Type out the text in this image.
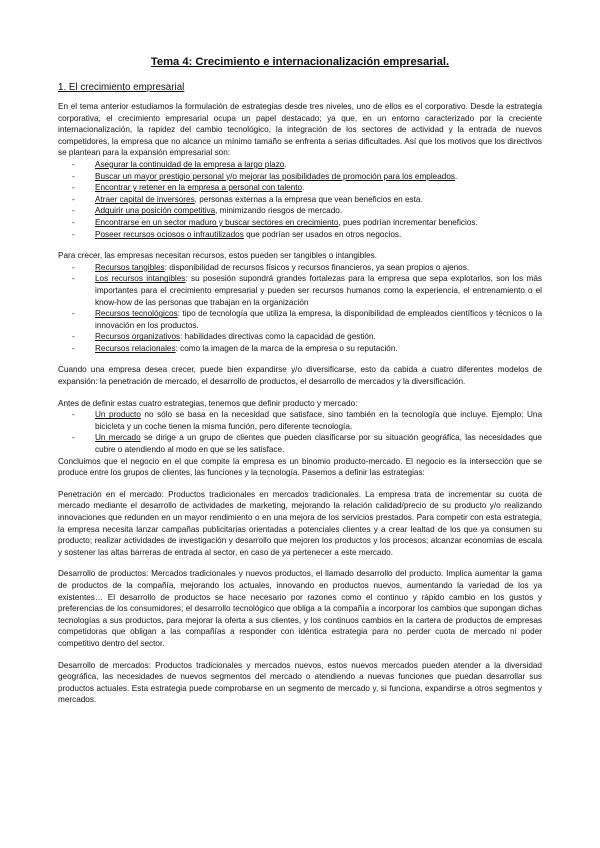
Tema 4: Crecimiento e internacionalización empresarial.
1. El crecimiento empresarial

En el tema anterior estudiamos la formulación de estrategias desde tres niveles, uno de ellos es el corporativo. Desde la estrategia corporativa, el crecimiento empresarial ocupa un papel destacado; ya que, en un entorno caracterizado por la creciente internacionalización, la rapidez del cambio tecnológico, la integración de los sectores de actividad y la entrada de nuevos competidores, la empresa que no alcance un mínimo tamaño se enfrenta a serias dificultades. Así que los motivos que los directivos se plantean para la expansión empresarial son:

- Asegurar la continuidad de la empresa a largo plazo.
- Buscar un mayor prestigio personal y/o mejorar las posibilidades de promoción para los empleados.
- Encontrar y retener en la empresa a personal con talento.
- Atraer capital de inversores, personas externas a la empresa que vean beneficios en esta.
- Adquirir una posición competitiva, minimizando riesgos de mercado.
- Encontrarse en un sector maduro y buscar sectores en crecimiento, pues podrían incrementar beneficios.
- Poseer recursos ociosos o infrautilizados que podrían ser usados en otros negocios.

Para crecer, las empresas necesitan recursos, estos pueden ser tangibles o intangibles.

- Recursos tangibles: disponibilidad de recursos físicos y recursos financieros, ya sean propios o ajenos.
- Los recursos intangibles: su posesión supondrá grandes fortalezas para la empresa que sepa explotarlos, son los más importantes para el crecimiento empresarial y pueden ser recursos humanos como la experiencia, el entrenamiento o el know-how de las personas que trabajan en la organización
- Recursos tecnológicos: tipo de tecnología que utiliza la empresa, la disponibilidad de empleados científicos y técnicos o la innovación en los productos.
- Recursos organizativos: habilidades directivas como la capacidad de gestión.
- Recursos relacionales: como la imagen de la marca de la empresa o su reputación.

Cuando una empresa desea crecer, puede bien expandirse y/o diversificarse, esto da cabida a cuatro diferentes modelos de expansión: la penetración de mercado, el desarrollo de productos, el desarrollo de mercados y la diversificación.

Antes de definir estas cuatro estrategias, tenemos que definir producto y mercado:

- Un producto no sólo se basa en la necesidad que satisface, sino también en la tecnología que incluye. Ejemplo: Una bicicleta y un coche tienen la misma función, pero diferente tecnología.
- Un mercado se dirige a un grupo de clientes que pueden clasificarse por su situación geográfica, las necesidades que cubre o atendiendo al modo en que se les satisface.

Concluimos que el negocio en el que compite la empresa es un binomio producto-mercado. El negocio es la intersección que se produce entre los grupos de clientes, las funciones y la tecnología. Pasemos a definir las estrategias:

Penetración en el mercado: Productos tradicionales en mercados tradicionales. La empresa trata de incrementar su cuota de mercado mediante el desarrollo de actividades de marketing, mejorando la relación calidad/precio de su producto y/o realizando innovaciones que redunden en un mayor rendimiento o en una mejora de los servicios prestados. Para competir con esta estrategia, la empresa necesita lanzar campañas publicitarias orientadas a potenciales clientes y a crear lealtad de los que ya consumen su producto; realizar actividades de investigación y desarrollo que mejoren los productos y los procesos; alcanzar economías de escala y sostener las altas barreras de entrada al sector, en caso de ya pertenecer a este mercado.

Desarrollo de productos: Mercados tradicionales y nuevos productos, el llamado desarrollo del producto. Implica aumentar la gama de productos de la compañía, mejorando los actuales, innovando en productos nuevos, aumentando la variedad de los ya existentes… El desarrollo de productos se hace necesario por razones como el continuo y rápido cambio en los gustos y preferencias de los consumidores; el desarrollo tecnológico que obliga a la compañía a incorporar los cambios que supongan dichas tecnologías a sus productos, para mejorar la oferta a sus clientes, y los continuos cambios en la cartera de productos de empresas competidoras que obligan a las compañías a responder con idéntica estrategia para no perder cuota de mercado ni poder competitivo dentro del sector.

Desarrollo de mercados: Productos tradicionales y mercados nuevos, estos nuevos mercados pueden atender a la diversidad geográfica, las necesidades de nuevos segmentos del mercado o atendiendo a nuevas funciones que puedan desarrollar sus productos actuales. Esta estrategia puede comprobarse en un segmento de mercado y, si funciona, expandirse a otros segmentos y mercados.
